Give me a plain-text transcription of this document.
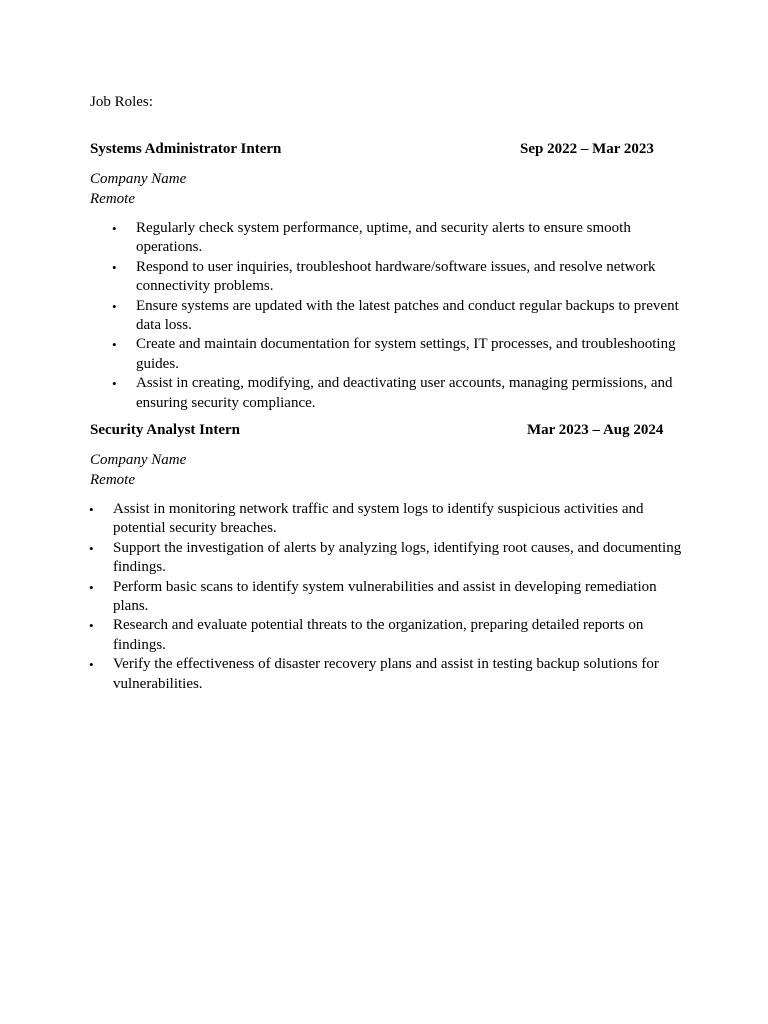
Job Roles:
Systems Administrator Intern	Sep 2022 – Mar 2023
Company Name
Remote
• Regularly check system performance, uptime, and security alerts to ensure smooth operations.
• Respond to user inquiries, troubleshoot hardware/software issues, and resolve network connectivity problems.
• Ensure systems are updated with the latest patches and conduct regular backups to prevent data loss.
• Create and maintain documentation for system settings, IT processes, and troubleshooting guides.
• Assist in creating, modifying, and deactivating user accounts, managing permissions, and ensuring security compliance.
Security Analyst Intern	Mar 2023 – Aug 2024
Company Name
Remote
• Assist in monitoring network traffic and system logs to identify suspicious activities and potential security breaches.
• Support the investigation of alerts by analyzing logs, identifying root causes, and documenting findings.
• Perform basic scans to identify system vulnerabilities and assist in developing remediation plans.
• Research and evaluate potential threats to the organization, preparing detailed reports on findings.
• Verify the effectiveness of disaster recovery plans and assist in testing backup solutions for vulnerabilities.
